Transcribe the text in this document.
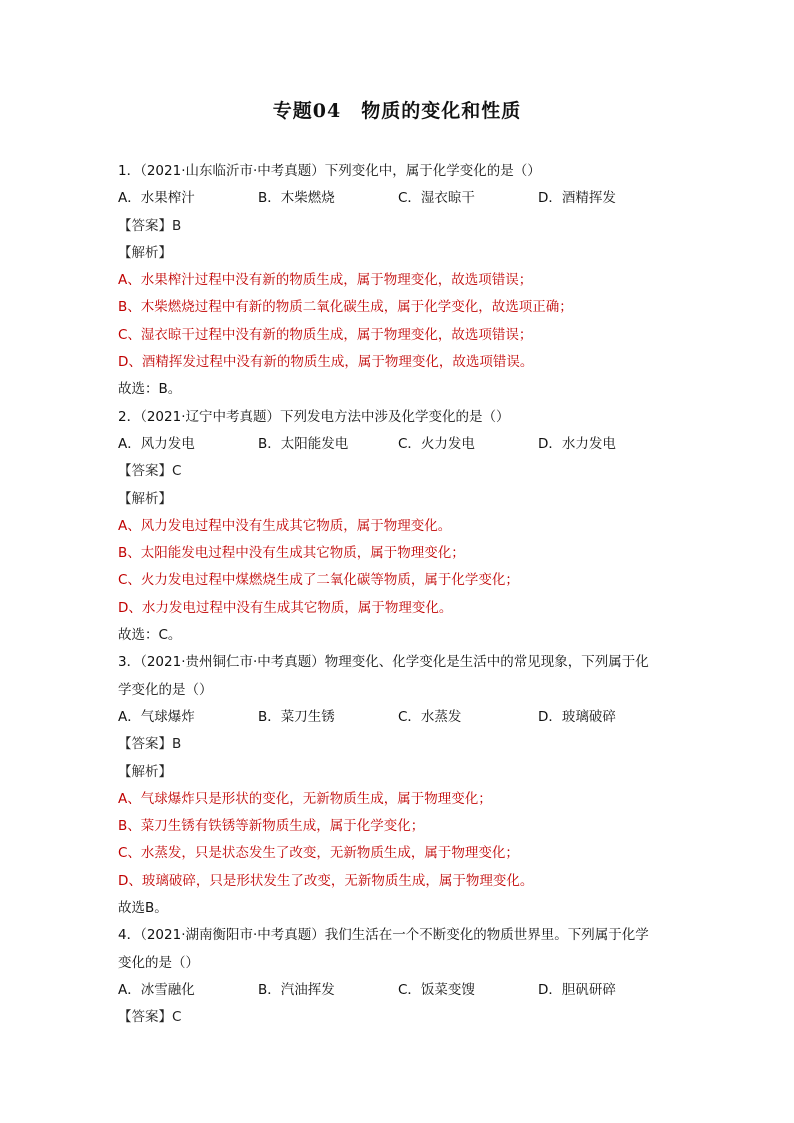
专题04　物质的变化和性质
1．（2021·山东临沂市·中考真题）下列变化中，属于化学变化的是（）
A．水果榨汁	B．木柴燃烧	C．湿衣晾干	D．酒精挥发
【答案】B
【解析】
A、水果榨汁过程中没有新的物质生成，属于物理变化，故选项错误；
B、木柴燃烧过程中有新的物质二氧化碳生成，属于化学变化，故选项正确；
C、湿衣晾干过程中没有新的物质生成，属于物理变化，故选项错误；
D、酒精挥发过程中没有新的物质生成，属于物理变化，故选项错误。
故选：B。
2．（2021·辽宁中考真题）下列发电方法中涉及化学变化的是（）
A．风力发电	B．太阳能发电	C．火力发电	D．水力发电
【答案】C
【解析】
A、风力发电过程中没有生成其它物质，属于物理变化。
B、太阳能发电过程中没有生成其它物质，属于物理变化；
C、火力发电过程中煤燃烧生成了二氧化碳等物质，属于化学变化；
D、水力发电过程中没有生成其它物质，属于物理变化。
故选：C。
3．（2021·贵州铜仁市·中考真题）物理变化、化学变化是生活中的常见现象，下列属于化
学变化的是（）
A．气球爆炸	B．菜刀生锈	C．水蒸发	D．玻璃破碎
【答案】B
【解析】
A、气球爆炸只是形状的变化，无新物质生成，属于物理变化；
B、菜刀生锈有铁锈等新物质生成，属于化学变化；
C、水蒸发，只是状态发生了改变，无新物质生成，属于物理变化；
D、玻璃破碎，只是形状发生了改变，无新物质生成，属于物理变化。
故选B。
4．（2021·湖南衡阳市·中考真题）我们生活在一个不断变化的物质世界里。下列属于化学
变化的是（）
A．冰雪融化	B．汽油挥发	C．饭菜变馊	D．胆矾研碎
【答案】C
